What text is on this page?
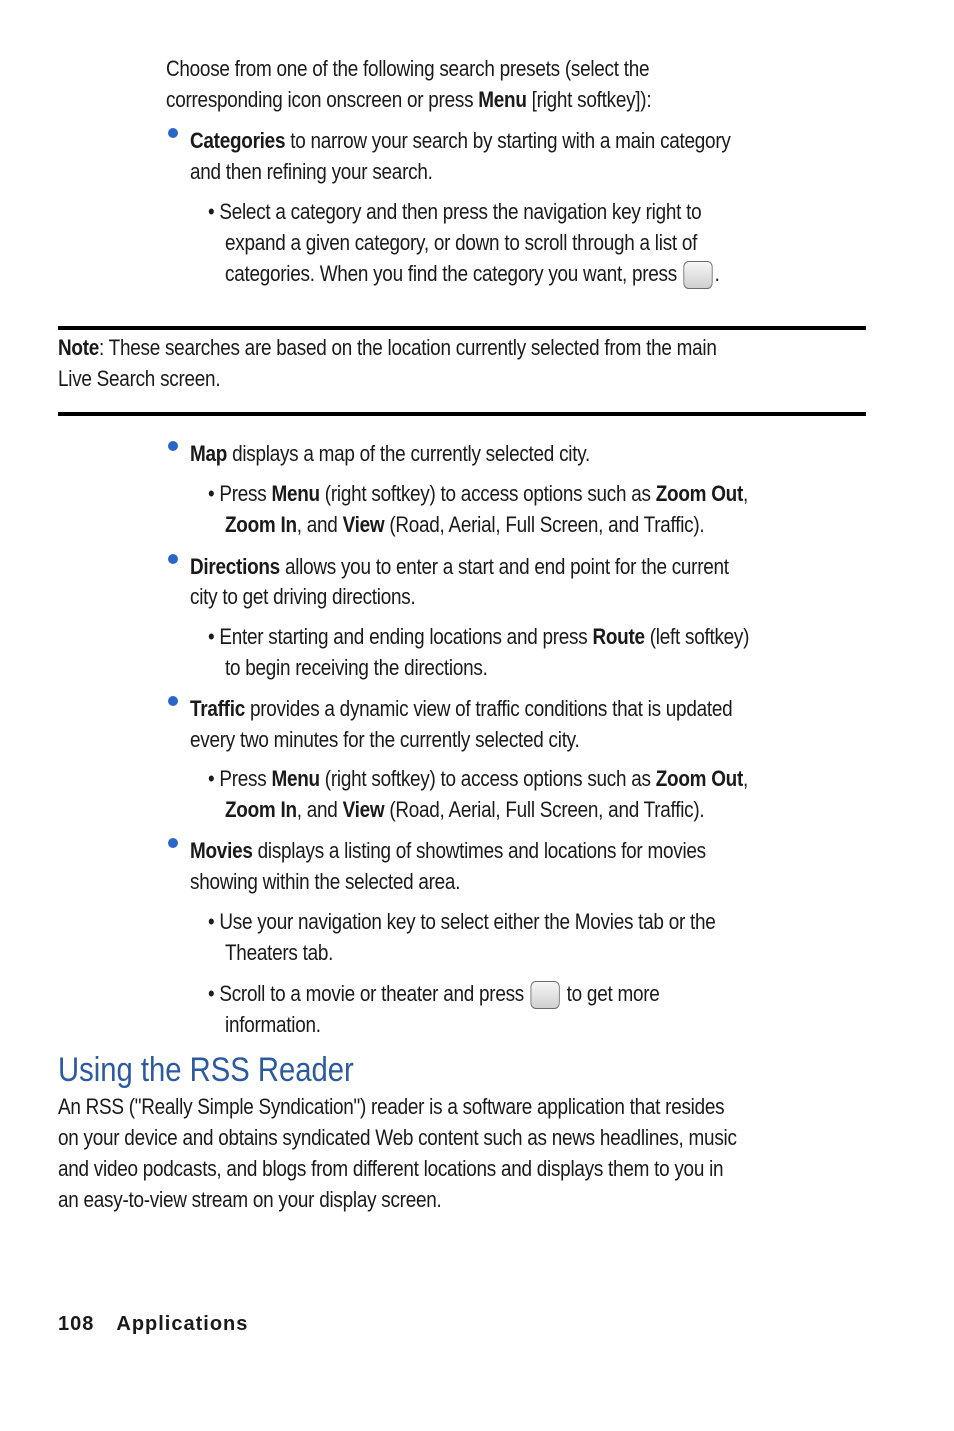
Choose from one of the following search presets (select the
corresponding icon onscreen or press Menu [right softkey]):
Categories to narrow your search by starting with a main category
and then refining your search.
• Select a category and then press the navigation key right to
expand a given category, or down to scroll through a list of
categories. When you find the category you want, press .
Note: These searches are based on the location currently selected from the main
Live Search screen.
Map displays a map of the currently selected city.
• Press Menu (right softkey) to access options such as Zoom Out,
Zoom In, and View (Road, Aerial, Full Screen, and Traffic).
Directions allows you to enter a start and end point for the current
city to get driving directions.
• Enter starting and ending locations and press Route (left softkey)
to begin receiving the directions.
Traffic provides a dynamic view of traffic conditions that is updated
every two minutes for the currently selected city.
• Press Menu (right softkey) to access options such as Zoom Out,
Zoom In, and View (Road, Aerial, Full Screen, and Traffic).
Movies displays a listing of showtimes and locations for movies
showing within the selected area.
• Use your navigation key to select either the Movies tab or the
Theaters tab.
• Scroll to a movie or theater and press  to get more
information.
Using the RSS Reader
An RSS ("Really Simple Syndication") reader is a software application that resides
on your device and obtains syndicated Web content such as news headlines, music
and video podcasts, and blogs from different locations and displays them to you in
an easy-to-view stream on your display screen.
108 Applications
